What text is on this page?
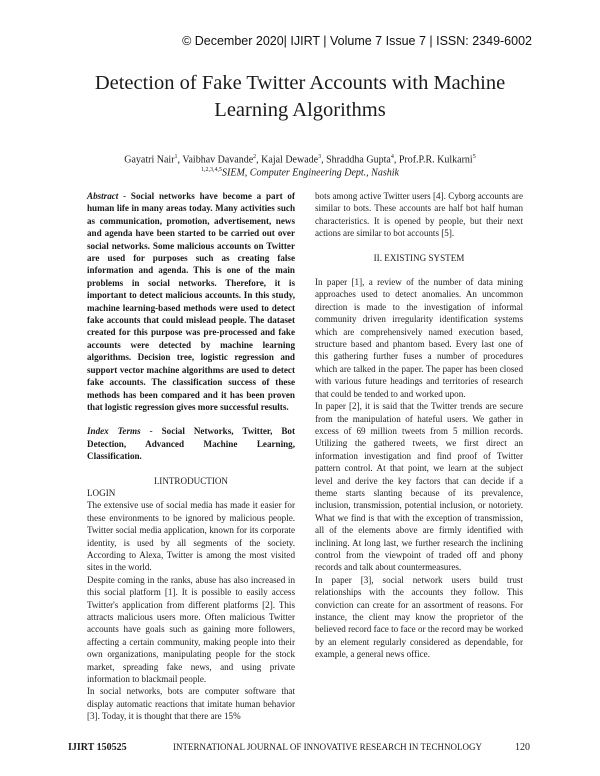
© December 2020| IJIRT | Volume 7 Issue 7 | ISSN: 2349-6002
Detection of Fake Twitter Accounts with Machine
Learning Algorithms
Gayatri Nair$^1$, Vaibhav Davande$^2$, Kajal Dewade$^3$, Shraddha Gupta$^4$, Prof.P.R. Kulkarni$^5$
$^{1,2,3,4,5}$SIEM, Computer Engineering Dept., Nashik

Abstract - Social networks have become a part of human life in many areas today. Many activities such as communication, promotion, advertisement, news and agenda have been started to be carried out over social networks. Some malicious accounts on Twitter are used for purposes such as creating false information and agenda. This is one of the main problems in social networks. Therefore, it is important to detect malicious accounts. In this study, machine learning-based methods were used to detect fake accounts that could mislead people. The dataset created for this purpose was pre-processed and fake accounts were detected by machine learning algorithms. Decision tree, logistic regression and support vector machine algorithms are used to detect fake accounts. The classification success of these methods has been compared and it has been proven that logistic regression gives more successful results.

Index Terms - Social Networks, Twitter, Bot Detection, Advanced Machine Learning, Classification.

I.INTRODUCTION

LOGIN

The extensive use of social media has made it easier for these environments to be ignored by malicious people. Twitter social media application, known for its corporate identity, is used by all segments of the society. According to Alexa, Twitter is among the most visited sites in the world.

Despite coming in the ranks, abuse has also increased in this social platform [1]. It is possible to easily access Twitter's application from different platforms [2]. This attracts malicious users more. Often malicious Twitter accounts have goals such as gaining more followers, affecting a certain community, making people into their own organizations, manipulating people for the stock market, spreading fake news, and using private information to blackmail people.

In social networks, bots are computer software that display automatic reactions that imitate human behavior [3]. Today, it is thought that there are 15%

bots among active Twitter users [4]. Cyborg accounts are similar to bots. These accounts are half bot half human characteristics. It is opened by people, but their next actions are similar to bot accounts [5].

II. EXISTING SYSTEM

In paper [1], a review of the number of data mining approaches used to detect anomalies. An uncommon direction is made to the investigation of informal community driven irregularity identification systems which are comprehensively named execution based, structure based and phantom based. Every last one of this gathering further fuses a number of procedures which are talked in the paper. The paper has been closed with various future headings and territories of research that could be tended to and worked upon.

In paper [2], it is said that the Twitter trends are secure from the manipulation of hateful users. We gather in excess of 69 million tweets from 5 million records. Utilizing the gathered tweets, we first direct an information investigation and find proof of Twitter pattern control. At that point, we learn at the subject level and derive the key factors that can decide if a theme starts slanting because of its prevalence, inclusion, transmission, potential inclusion, or notoriety. What we find is that with the exception of transmission, all of the elements above are firmly identified with inclining. At long last, we further research the inclining control from the viewpoint of traded off and phony records and talk about countermeasures.

In paper [3], social network users build trust relationships with the accounts they follow. This conviction can create for an assortment of reasons. For instance, the client may know the proprietor of the believed record face to face or the record may be worked by an element regularly considered as dependable, for example, a general news office.

IJIRT 150525	INTERNATIONAL JOURNAL OF INNOVATIVE RESEARCH IN TECHNOLOGY	120
